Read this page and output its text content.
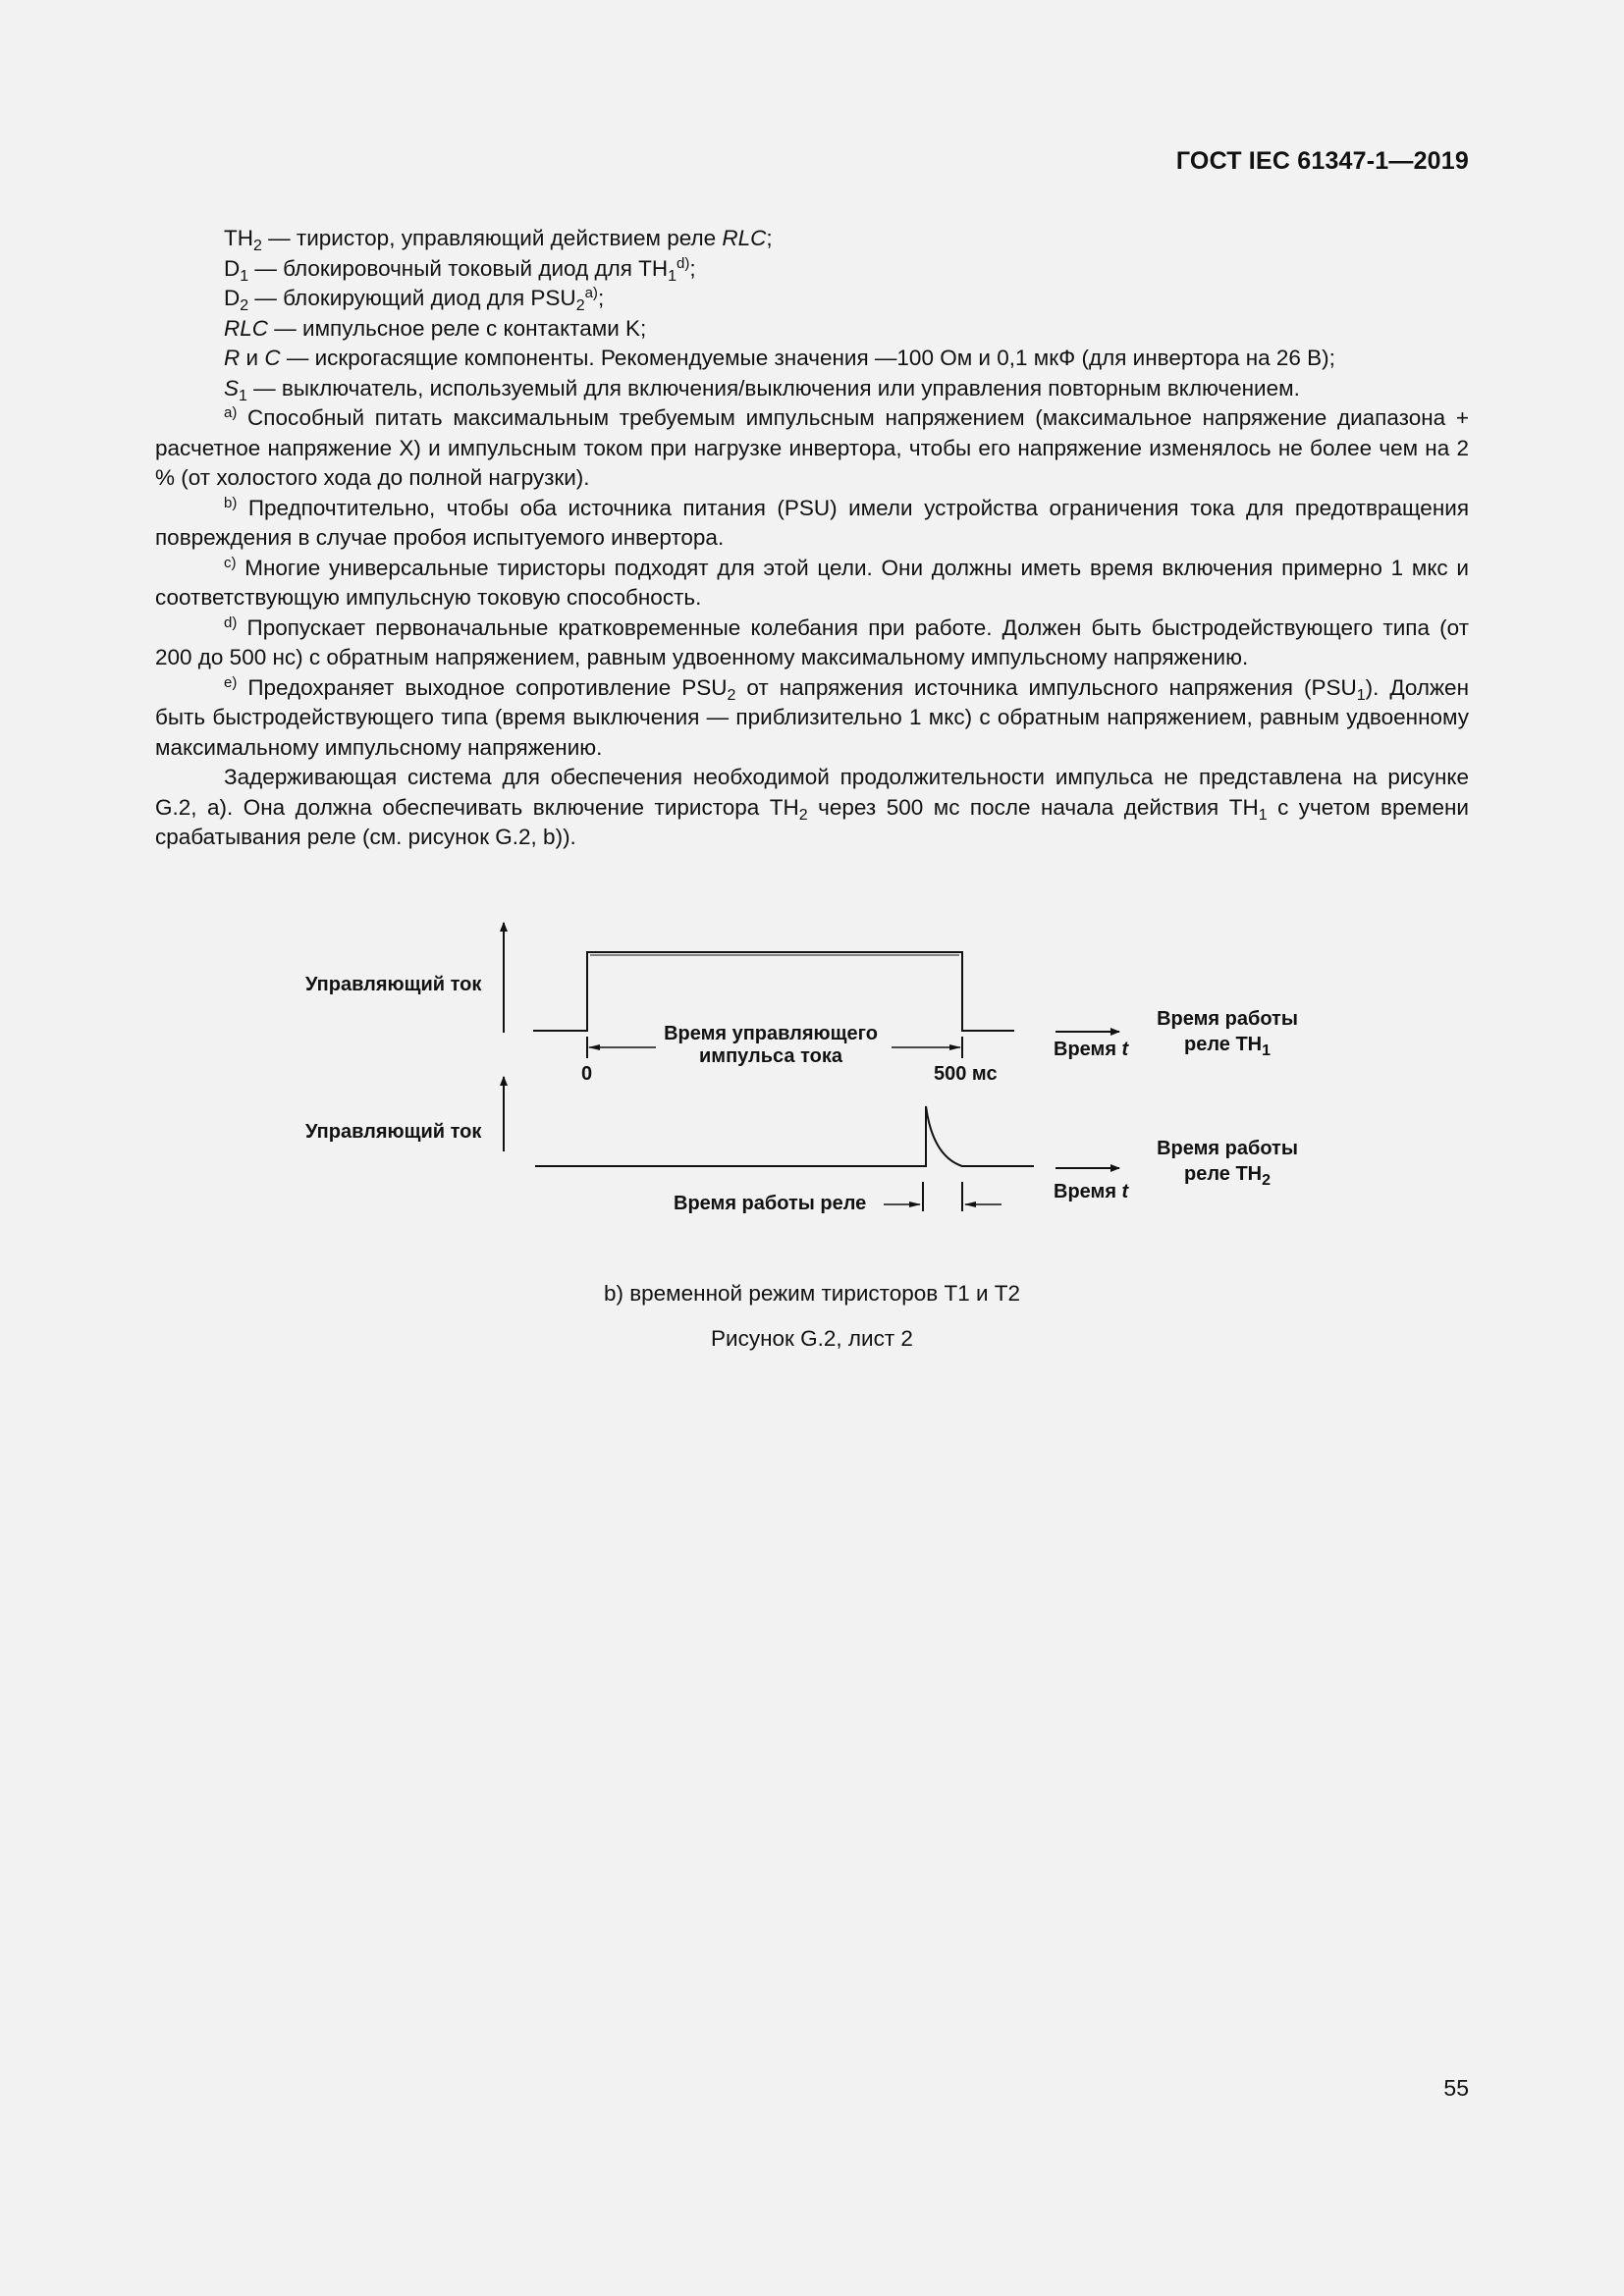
ГОСТ IEC 61347-1—2019

$TH_2$ — тиристор, управляющий действием реле RLC;

$D_1$ — блокировочный токовый диод для $TH_1^{d)}$;

$D_2$ — блокирующий диод для $PSU_2^{a)}$;

RLC — импульсное реле с контактами K;

R и C — искрогасящие компоненты. Рекомендуемые значения —100 Ом и 0,1 мкФ (для инвертора на 26 В);

$S_1$ — выключатель, используемый для включения/выключения или управления повторным включением.

$^{a)}$ Способный питать максимальным требуемым импульсным напряжением (максимальное напряжение диапазона + расчетное напряжение X) и импульсным током при нагрузке инвертора, чтобы его напряжение изменялось не более чем на 2 % (от холостого хода до полной нагрузки).

$^{b)}$ Предпочтительно, чтобы оба источника питания (PSU) имели устройства ограничения тока для предотвращения повреждения в случае пробоя испытуемого инвертора.

$^{c)}$ Многие универсальные тиристоры подходят для этой цели. Они должны иметь время включения примерно 1 мкс и соответствующую импульсную токовую способность.

$^{d)}$ Пропускает первоначальные кратковременные колебания при работе. Должен быть быстродействующего типа (от 200 до 500 нс) с обратным напряжением, равным удвоенному максимальному импульсному напряжению.

$^{e)}$ Предохраняет выходное сопротивление $PSU_2$ от напряжения источника импульсного напряжения $(PSU_1)$. Должен быть быстродействующего типа (время выключения — приблизительно 1 мкс) с обратным напряжением, равным удвоенному максимальному импульсному напряжению.

Задерживающая система для обеспечения необходимой продолжительности импульса не представлена на рисунке G.2, a). Она должна обеспечивать включение тиристора $TH_2$ через 500 мс после начала действия $TH_1$ с учетом времени срабатывания реле (см. рисунок G.2, b)).

Управляющий ток
Время управляющего
импульса тока
0	500 мс
Время t
Время работы
реле $TH_1$
Управляющий ток
Время работы реле
Время t
Время работы
реле $TH_2$
b) временной режим тиристоров T1 и T2
Рисунок G.2, лист 2
55
